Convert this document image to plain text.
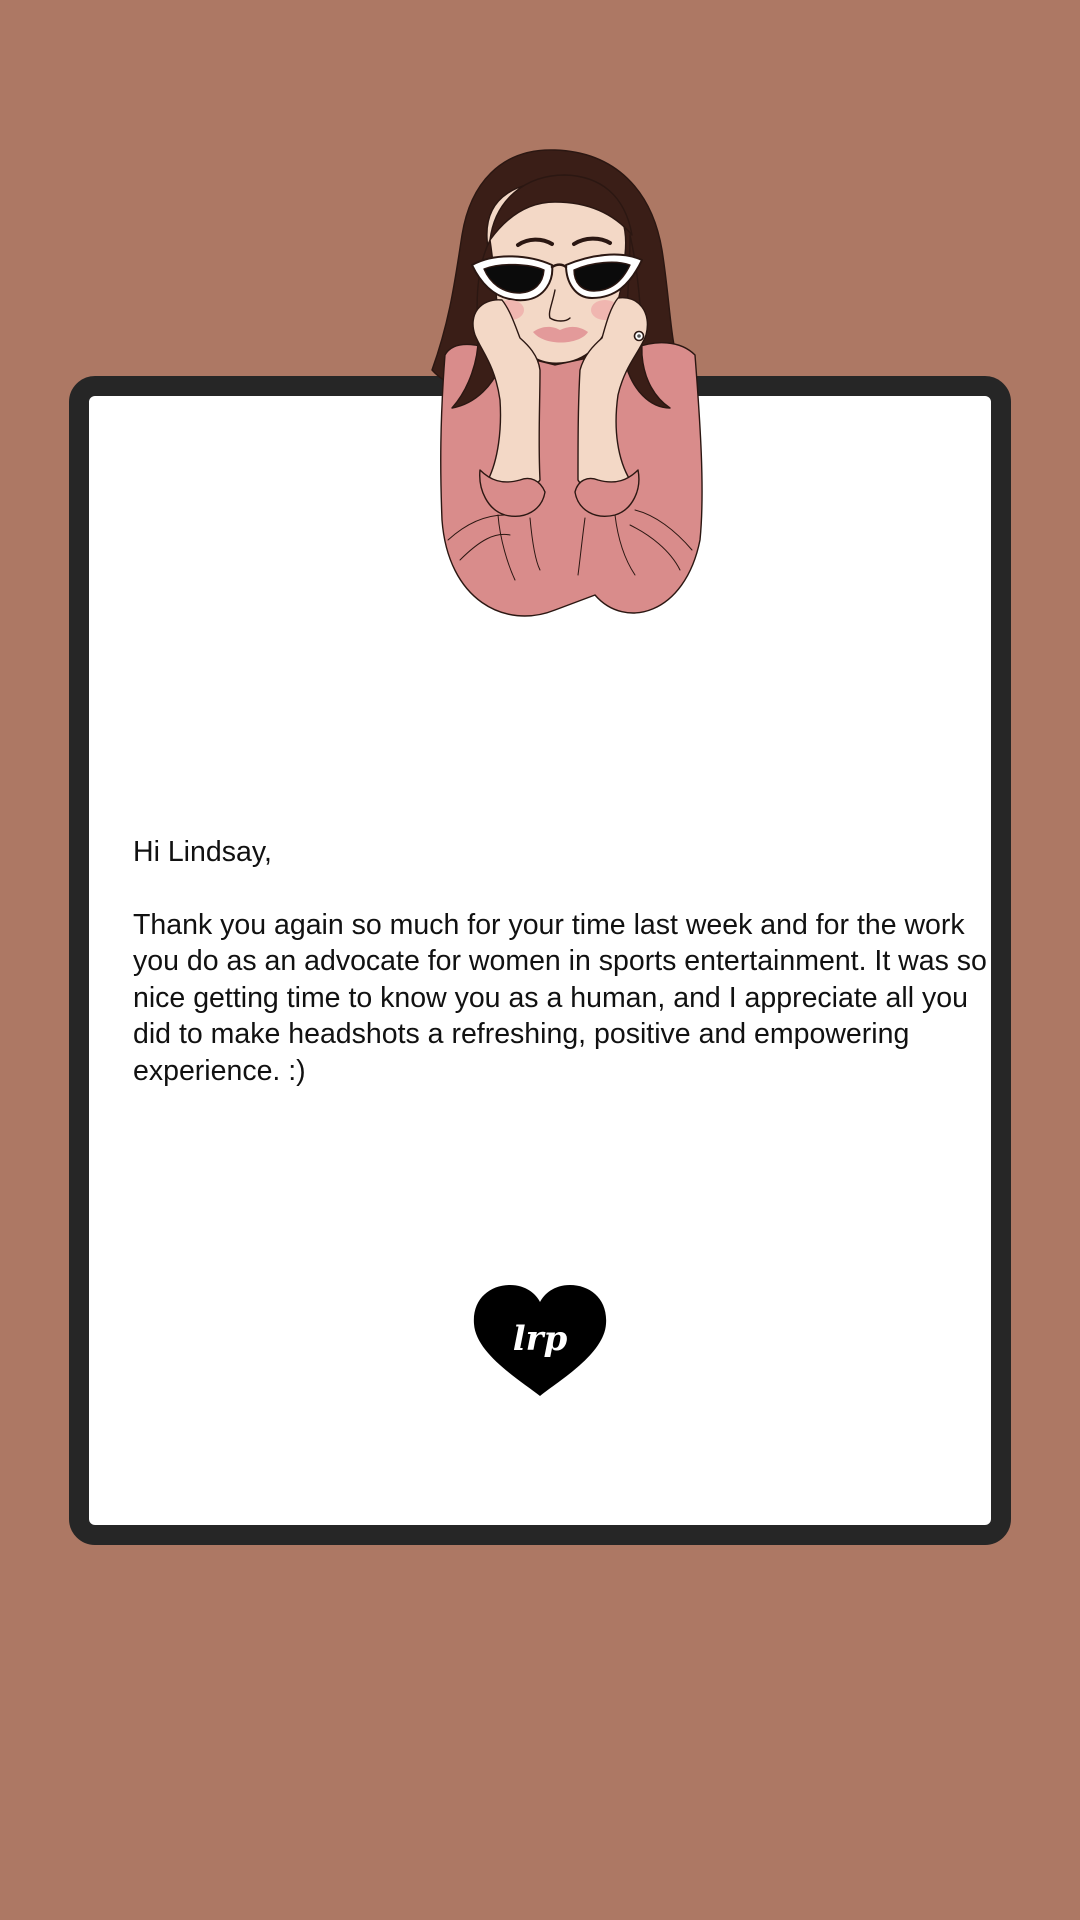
Hi Lindsay,

Thank you again so much for your time last week and for the work you do as an advocate for women in sports entertainment. It was so nice getting time to know you as a human, and I appreciate all you did to make headshots a refreshing, positive and empowering experience. :)

lrp
